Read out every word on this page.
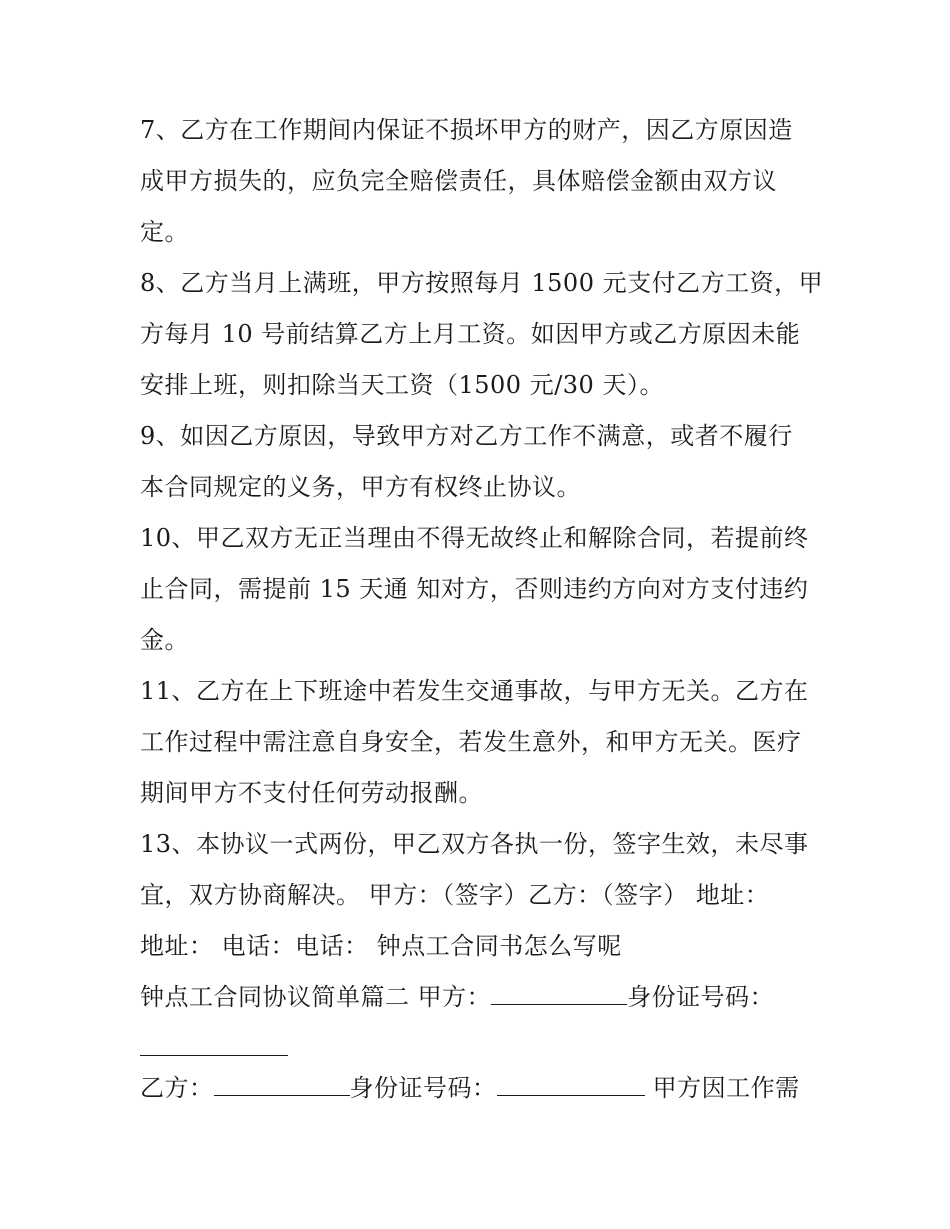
7、乙方在工作期间内保证不损坏甲方的财产，因乙方原因造
成甲方损失的，应负完全赔偿责任，具体赔偿金额由双方议
定。
8、乙方当月上满班，甲方按照每月 1500 元支付乙方工资，甲
方每月 10 号前结算乙方上月工资。如因甲方或乙方原因未能
安排上班，则扣除当天工资（1500 元/30 天）。
9、如因乙方原因，导致甲方对乙方工作不满意，或者不履行
本合同规定的义务，甲方有权终止协议。
10、甲乙双方无正当理由不得无故终止和解除合同，若提前终
止合同，需提前 15 天通 知对方，否则违约方向对方支付违约
金。
11、乙方在上下班途中若发生交通事故，与甲方无关。乙方在
工作过程中需注意自身安全，若发生意外，和甲方无关。医疗
期间甲方不支付任何劳动报酬。
13、本协议一式两份，甲乙双方各执一份，签字生效，未尽事
宜，双方协商解决。 甲方：（签字）乙方：（签字） 地址：
地址： 电话：电话： 钟点工合同书怎么写呢
钟点工合同协议简单篇二 甲方：	身份证号码：
乙方：	身份证号码：	甲方因工作需
